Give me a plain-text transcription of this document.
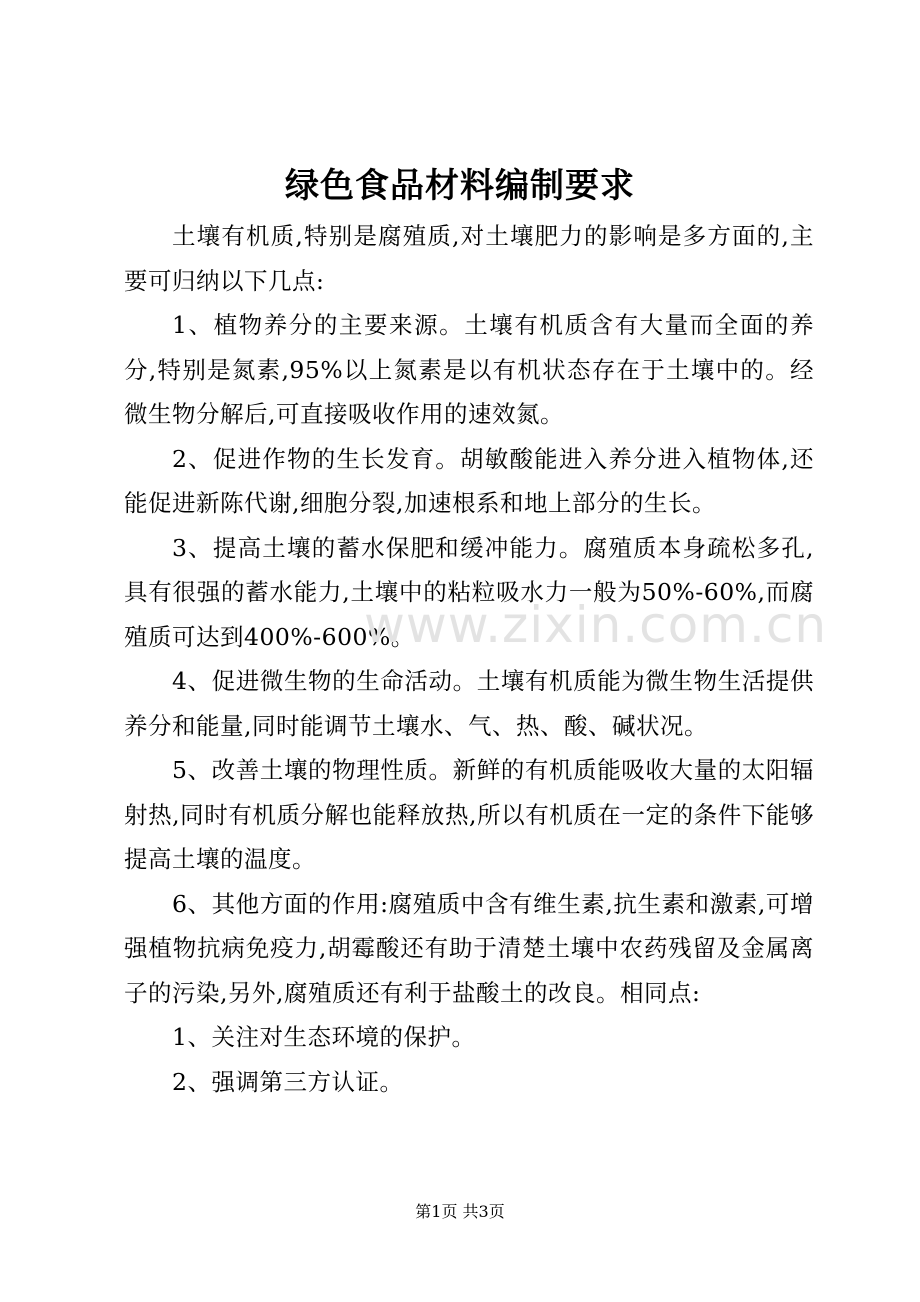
绿色食品材料编制要求

土壤有机质,特别是腐殖质,对土壤肥力的影响是多方面的,主要可归纳以下几点:

1、植物养分的主要来源。土壤有机质含有大量而全面的养分,特别是氮素,95%以上氮素是以有机状态存在于土壤中的。经微生物分解后,可直接吸收作用的速效氮。

2、促进作物的生长发育。胡敏酸能进入养分进入植物体,还能促进新陈代谢,细胞分裂,加速根系和地上部分的生长。

3、提高土壤的蓄水保肥和缓冲能力。腐殖质本身疏松多孔,具有很强的蓄水能力,土壤中的粘粒吸水力一般为50%-60%,而腐殖质可达到400%-600%。

4、促进微生物的生命活动。土壤有机质能为微生物生活提供养分和能量,同时能调节土壤水、气、热、酸、碱状况。

5、改善土壤的物理性质。新鲜的有机质能吸收大量的太阳辐射热,同时有机质分解也能释放热,所以有机质在一定的条件下能够提高土壤的温度。

6、其他方面的作用:腐殖质中含有维生素,抗生素和激素,可增强植物抗病免疫力,胡霉酸还有助于清楚土壤中农药残留及金属离子的污染,另外,腐殖质还有利于盐酸土的改良。相同点:

1、关注对生态环境的保护。

2、强调第三方认证。

www.zixin.com.cn
第1页 共3页
